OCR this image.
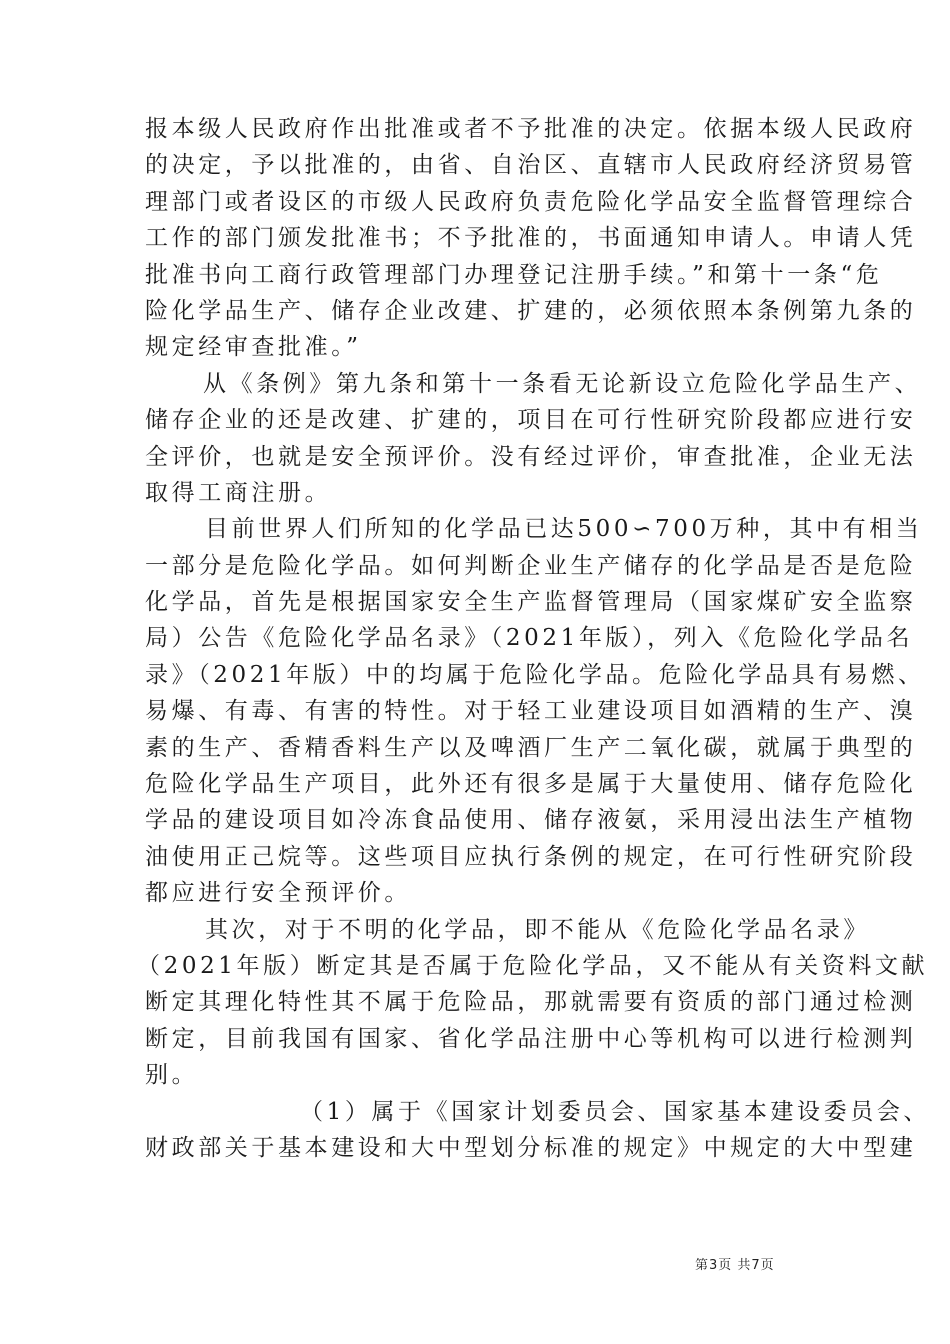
报本级人民政府作出批准或者不予批准的决定。依据本级人民政府
的决定，予以批准的，由省、自治区、直辖市人民政府经济贸易管
理部门或者设区的市级人民政府负责危险化学品安全监督管理综合
工作的部门颁发批准书；不予批准的，书面通知申请人。申请人凭
批准书向工商行政管理部门办理登记注册手续。”和第十一条“危
险化学品生产、储存企业改建、扩建的，必须依照本条例第九条的
规定经审查批准。”
从《条例》第九条和第十一条看无论新设立危险化学品生产、
储存企业的还是改建、扩建的，项目在可行性研究阶段都应进行安
全评价，也就是安全预评价。没有经过评价，审查批准，企业无法
取得工商注册。
目前世界人们所知的化学品已达500∽700万种，其中有相当
一部分是危险化学品。如何判断企业生产储存的化学品是否是危险
化学品，首先是根据国家安全生产监督管理局（国家煤矿安全监察
局）公告《危险化学品名录》（2021年版），列入《危险化学品名
录》（2021年版）中的均属于危险化学品。危险化学品具有易燃、
易爆、有毒、有害的特性。对于轻工业建设项目如酒精的生产、溴
素的生产、香精香料生产以及啤酒厂生产二氧化碳，就属于典型的
危险化学品生产项目，此外还有很多是属于大量使用、储存危险化
学品的建设项目如冷冻食品使用、储存液氨，采用浸出法生产植物
油使用正己烷等。这些项目应执行条例的规定，在可行性研究阶段
都应进行安全预评价。
其次，对于不明的化学品，即不能从《危险化学品名录》
（2021年版）断定其是否属于危险化学品，又不能从有关资料文献
断定其理化特性其不属于危险品，那就需要有资质的部门通过检测
断定，目前我国有国家、省化学品注册中心等机构可以进行检测判
别。
（1）属于《国家计划委员会、国家基本建设委员会、
财政部关于基本建设和大中型划分标准的规定》中规定的大中型建
第3页 共7页
